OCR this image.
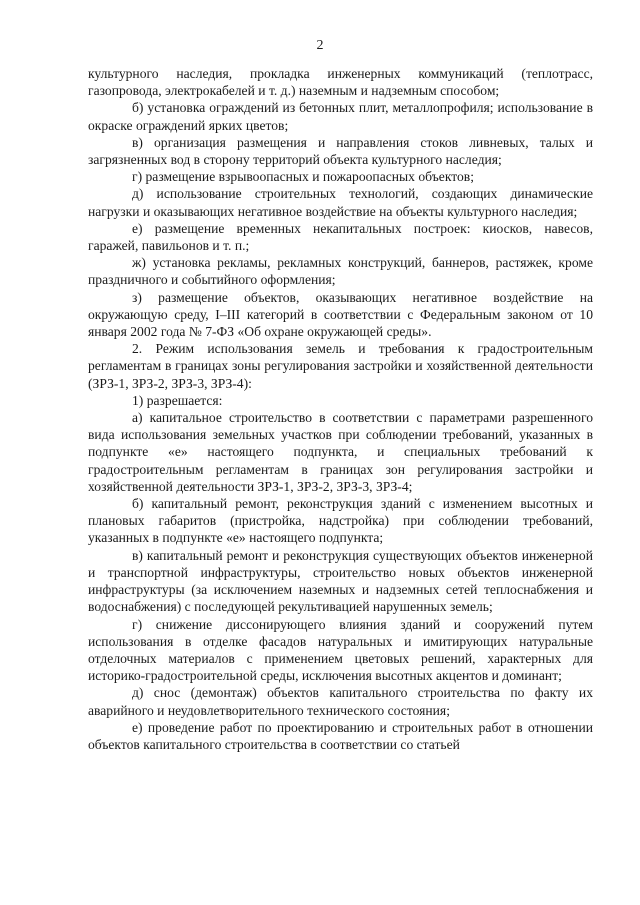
2

культурного наследия, прокладка инженерных коммуникаций (теплотрасс, газопровода, электрокабелей и т. д.) наземным и надземным способом;

б) установка ограждений из бетонных плит, металлопрофиля; использование в окраске ограждений ярких цветов;

в) организация размещения и направления стоков ливневых, талых и загрязненных вод в сторону территорий объекта культурного наследия;

г) размещение взрывоопасных и пожароопасных объектов;

д) использование строительных технологий, создающих динамические нагрузки и оказывающих негативное воздействие на объекты культурного наследия;

е) размещение временных некапитальных построек: киосков, навесов, гаражей, павильонов и т. п.;

ж) установка рекламы, рекламных конструкций, баннеров, растяжек, кроме праздничного и событийного оформления;

з) размещение объектов, оказывающих негативное воздействие на окружающую среду, I–III категорий в соответствии с Федеральным законом от 10 января 2002 года № 7-ФЗ «Об охране окружающей среды».

2. Режим использования земель и требования к градостроительным регламентам в границах зоны регулирования застройки и хозяйственной деятельности (ЗРЗ-1, ЗРЗ-2, ЗРЗ-3, ЗРЗ-4):

1) разрешается:

а) капитальное строительство в соответствии с параметрами разрешенного вида использования земельных участков при соблюдении требований, указанных в подпункте «е» настоящего подпункта, и специальных требований к градостроительным регламентам в границах зон регулирования застройки и хозяйственной деятельности ЗРЗ-1, ЗРЗ-2, ЗРЗ-3, ЗРЗ-4;

б) капитальный ремонт, реконструкция зданий с изменением высотных и плановых габаритов (пристройка, надстройка) при соблюдении требований, указанных в подпункте «е» настоящего подпункта;

в) капитальный ремонт и реконструкция существующих объектов инженерной и транспортной инфраструктуры, строительство новых объектов инженерной инфраструктуры (за исключением наземных и надземных сетей теплоснабжения и водоснабжения) с последующей рекультивацией нарушенных земель;

г) снижение диссонирующего влияния зданий и сооружений путем использования в отделке фасадов натуральных и имитирующих натуральные отделочных материалов с применением цветовых решений, характерных для историко-градостроительной среды, исключения высотных акцентов и доминант;

д) снос (демонтаж) объектов капитального строительства по факту их аварийного и неудовлетворительного технического состояния;

е) проведение работ по проектированию и строительных работ в отношении объектов капитального строительства в соответствии со статьей
